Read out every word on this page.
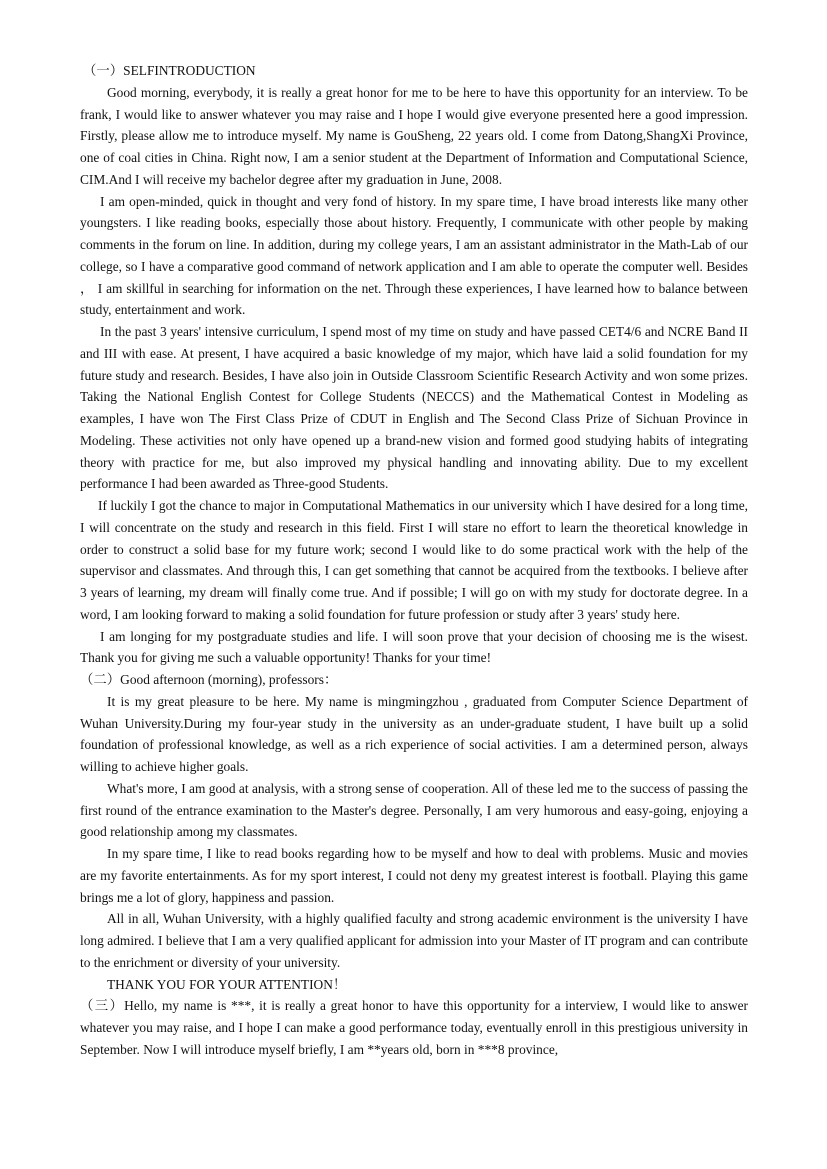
（一）SELFINTRODUCTION

Good morning, everybody, it is really a great honor for me to be here to have this opportunity for an interview. To be frank, I would like to answer whatever you may raise and I hope I would give everyone presented here a good impression. Firstly, please allow me to introduce myself. My name is GouSheng, 22 years old. I come from Datong,ShangXi Province, one of coal cities in China. Right now, I am a senior student at the Department of Information and Computational Science, CIM.And I will receive my bachelor degree after my graduation in June, 2008.

I am open-minded, quick in thought and very fond of history. In my spare time, I have broad interests like many other youngsters. I like reading books, especially those about history. Frequently, I communicate with other people by making comments in the forum on line. In addition, during my college years, I am an assistant administrator in the Math-Lab of our college, so I have a comparative good command of network application and I am able to operate the computer well. Besides ， I am skillful in searching for information on the net. Through these experiences, I have learned how to balance between study, entertainment and work.

In the past 3 years' intensive curriculum, I spend most of my time on study and have passed CET4/6 and NCRE Band II and III with ease. At present, I have acquired a basic knowledge of my major, which have laid a solid foundation for my future study and research. Besides, I have also join in Outside Classroom Scientific Research Activity and won some prizes. Taking the National English Contest for College Students (NECCS) and the Mathematical Contest in Modeling as examples, I have won The First Class Prize of CDUT in English and The Second Class Prize of Sichuan Province in Modeling. These activities not only have opened up a brand-new vision and formed good studying habits of integrating theory with practice for me, but also improved my physical handling and innovating ability. Due to my excellent performance I had been awarded as Three-good Students.

If luckily I got the chance to major in Computational Mathematics in our university which I have desired for a long time, I will concentrate on the study and research in this field. First I will stare no effort to learn the theoretical knowledge in order to construct a solid base for my future work; second I would like to do some practical work with the help of the supervisor and classmates. And through this, I can get something that cannot be acquired from the textbooks. I believe after 3 years of learning, my dream will finally come true. And if possible; I will go on with my study for doctorate degree. In a word, I am looking forward to making a solid foundation for future profession or study after 3 years' study here.

I am longing for my postgraduate studies and life. I will soon prove that your decision of choosing me is the wisest. Thank you for giving me such a valuable opportunity! Thanks for your time!

（二）Good afternoon (morning), professors：

It is my great pleasure to be here. My name is mingmingzhou , graduated from Computer Science Department of Wuhan University.During my four-year study in the university as an under-graduate student, I have built up a solid foundation of professional knowledge, as well as a rich experience of social activities. I am a determined person, always willing to achieve higher goals.

What's more, I am good at analysis, with a strong sense of cooperation. All of these led me to the success of passing the first round of the entrance examination to the Master's degree. Personally, I am very humorous and easy-going, enjoying a good relationship among my classmates.

In my spare time, I like to read books regarding how to be myself and how to deal with problems. Music and movies are my favorite entertainments. As for my sport interest, I could not deny my greatest interest is football. Playing this game brings me a lot of glory, happiness and passion.

All in all, Wuhan University, with a highly qualified faculty and strong academic environment is the university I have long admired. I believe that I am a very qualified applicant for admission into your Master of IT program and can contribute to the enrichment or diversity of your university.

THANK YOU FOR YOUR ATTENTION！

（三）Hello, my name is ***, it is really a great honor to have this opportunity for a interview, I would like to answer whatever you may raise, and I hope I can make a good performance today, eventually enroll in this prestigious university in September. Now I will introduce myself briefly, I am **years old, born in ***8 province,
